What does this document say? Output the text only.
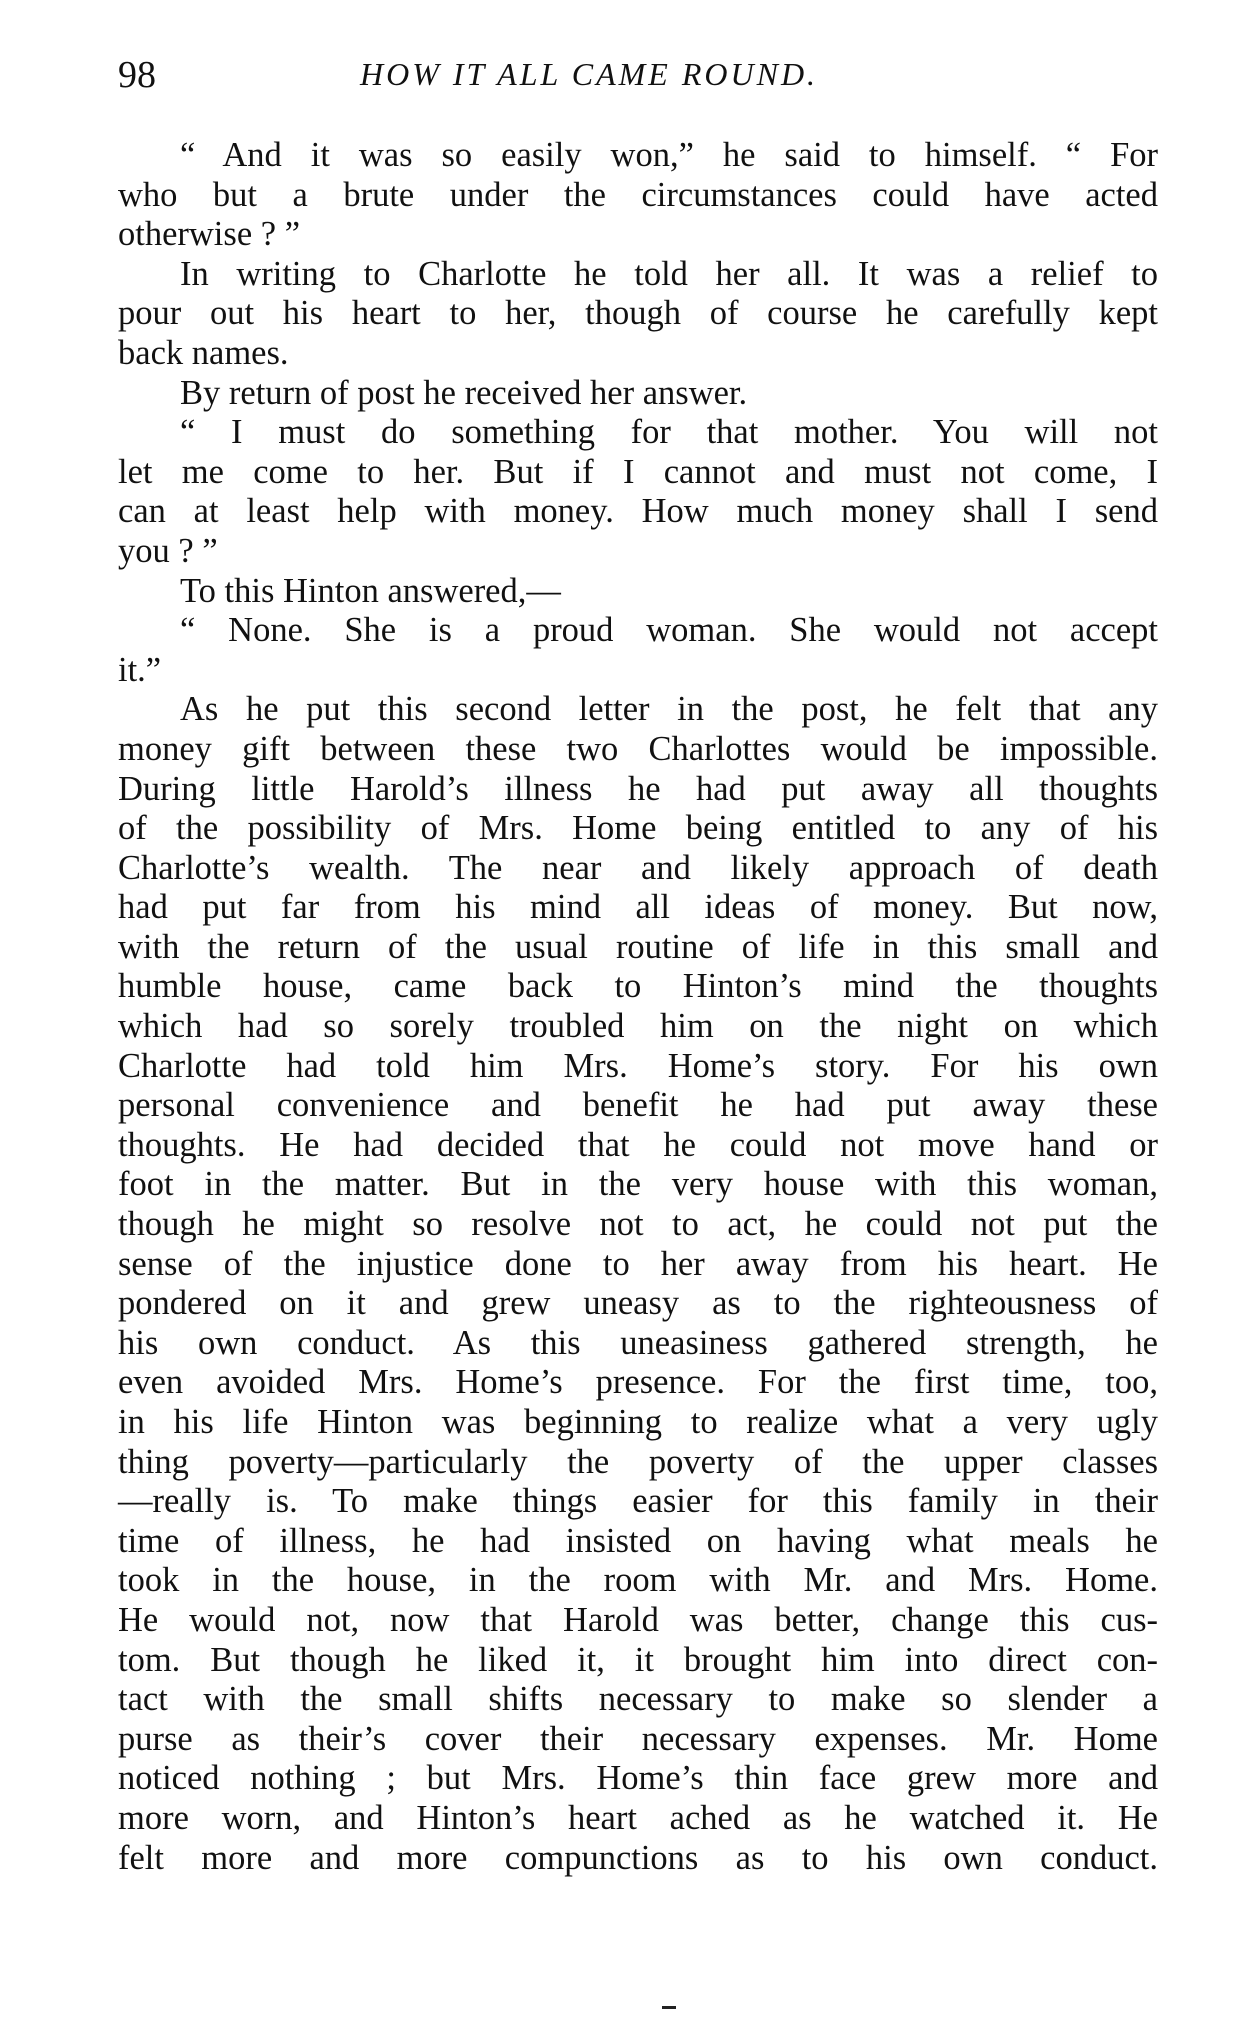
98	HOW IT ALL CAME ROUND.
“ And it was so easily won,” he said to himself. “ For
who but a brute under the circumstances could have acted
otherwise ? ”
In writing to Charlotte he told her all. It was a relief to
pour out his heart to her, though of course he carefully kept
back names.
By return of post he received her answer.
“ I must do something for that mother. You will not
let me come to her. But if I cannot and must not come, I
can at least help with money. How much money shall I send
you ? ”
To this Hinton answered,—
“ None. She is a proud woman. She would not accept
it.”
As he put this second letter in the post, he felt that any
money gift between these two Charlottes would be impossible.
During little Harold’s illness he had put away all thoughts
of the possibility of Mrs. Home being entitled to any of his
Charlotte’s wealth. The near and likely approach of death
had put far from his mind all ideas of money. But now,
with the return of the usual routine of life in this small and
humble house, came back to Hinton’s mind the thoughts
which had so sorely troubled him on the night on which
Charlotte had told him Mrs. Home’s story. For his own
personal convenience and benefit he had put away these
thoughts. He had decided that he could not move hand or
foot in the matter. But in the very house with this woman,
though he might so resolve not to act, he could not put the
sense of the injustice done to her away from his heart. He
pondered on it and grew uneasy as to the righteousness of
his own conduct. As this uneasiness gathered strength, he
even avoided Mrs. Home’s presence. For the first time, too,
in his life Hinton was beginning to realize what a very ugly
thing poverty—particularly the poverty of the upper classes
—really is. To make things easier for this family in their
time of illness, he had insisted on having what meals he
took in the house, in the room with Mr. and Mrs. Home.
He would not, now that Harold was better, change this cus-
tom. But though he liked it, it brought him into direct con-
tact with the small shifts necessary to make so slender a
purse as their’s cover their necessary expenses. Mr. Home
noticed nothing ; but Mrs. Home’s thin face grew more and
more worn, and Hinton’s heart ached as he watched it. He
felt more and more compunctions as to his own conduct.
